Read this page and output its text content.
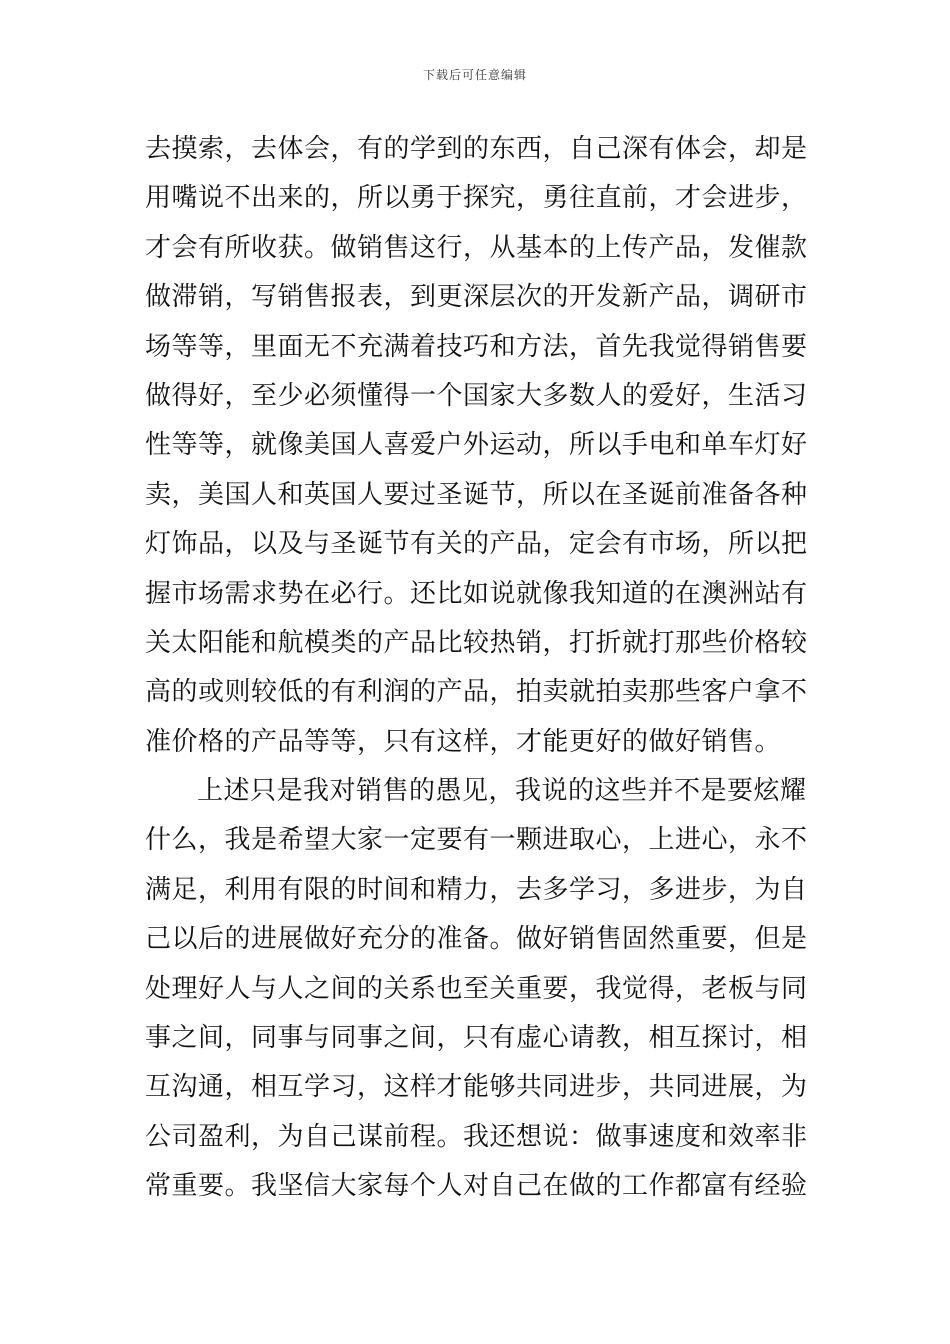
下载后可任意编辑
去摸索，去体会，有的学到的东西，自己深有体会，却是
用嘴说不出来的，所以勇于探究，勇往直前，才会进步，
才会有所收获。做销售这行，从基本的上传产品，发催款
做滞销，写销售报表，到更深层次的开发新产品，调研市
场等等，里面无不充满着技巧和方法，首先我觉得销售要
做得好，至少必须懂得一个国家大多数人的爱好，生活习
性等等，就像美国人喜爱户外运动，所以手电和单车灯好
卖，美国人和英国人要过圣诞节，所以在圣诞前准备各种
灯饰品，以及与圣诞节有关的产品，定会有市场，所以把
握市场需求势在必行。还比如说就像我知道的在澳洲站有
关太阳能和航模类的产品比较热销，打折就打那些价格较
高的或则较低的有利润的产品，拍卖就拍卖那些客户拿不
准价格的产品等等，只有这样，才能更好的做好销售。
上述只是我对销售的愚见，我说的这些并不是要炫耀
什么，我是希望大家一定要有一颗进取心，上进心，永不
满足，利用有限的时间和精力，去多学习，多进步，为自
己以后的进展做好充分的准备。做好销售固然重要，但是
处理好人与人之间的关系也至关重要，我觉得，老板与同
事之间，同事与同事之间，只有虚心请教，相互探讨，相
互沟通，相互学习，这样才能够共同进步，共同进展，为
公司盈利，为自己谋前程。我还想说：做事速度和效率非
常重要。我坚信大家每个人对自己在做的工作都富有经验
